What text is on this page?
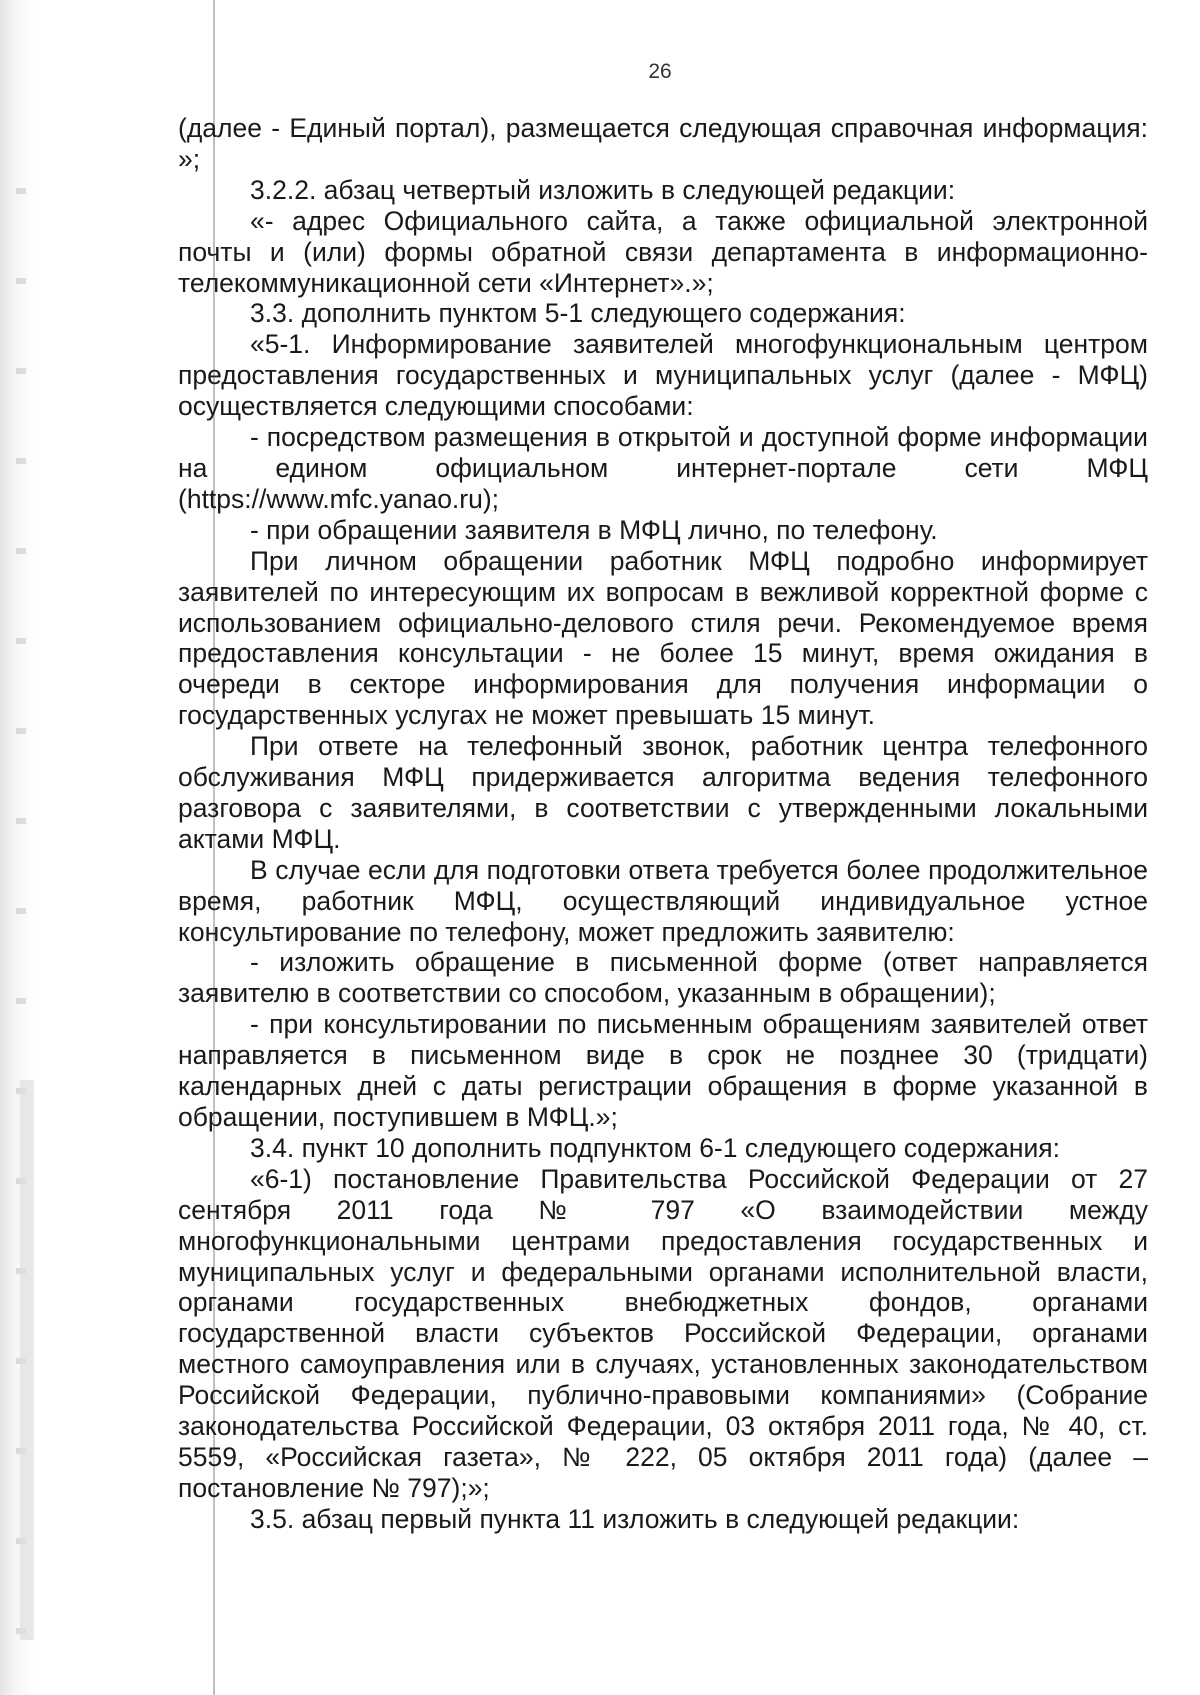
26

(далее - Единый портал), размещается следующая справочная информация: »;

3.2.2. абзац четвертый изложить в следующей редакции:

«- адрес Официального сайта, а также официальной электронной почты и (или) формы обратной связи департамента в информационно-телекоммуникационной сети «Интернет».»;

3.3. дополнить пунктом 5-1 следующего содержания:

«5-1. Информирование заявителей многофункциональным центром предоставления государственных и муниципальных услуг (далее - МФЦ) осуществляется следующими способами:

- посредством размещения в открытой и доступной форме информации на едином официальном интернет-портале сети МФЦ (https://www.mfc.yanao.ru);

- при обращении заявителя в МФЦ лично, по телефону.

При личном обращении работник МФЦ подробно информирует заявителей по интересующим их вопросам в вежливой корректной форме с использованием официально-делового стиля речи. Рекомендуемое время предоставления консультации - не более 15 минут, время ожидания в очереди в секторе информирования для получения информации о государственных услугах не может превышать 15 минут.

При ответе на телефонный звонок, работник центра телефонного обслуживания МФЦ придерживается алгоритма ведения телефонного разговора с заявителями, в соответствии с утвержденными локальными актами МФЦ.

В случае если для подготовки ответа требуется более продолжительное время, работник МФЦ, осуществляющий индивидуальное устное консультирование по телефону, может предложить заявителю:

- изложить обращение в письменной форме (ответ направляется заявителю в соответствии со способом, указанным в обращении);

- при консультировании по письменным обращениям заявителей ответ направляется в письменном виде в срок не позднее 30 (тридцати) календарных дней с даты регистрации обращения в форме указанной в обращении, поступившем в МФЦ.»;

3.4. пункт 10 дополнить подпунктом 6-1 следующего содержания:

«6-1) постановление Правительства Российской Федерации от 27 сентября 2011 года № 797 «О взаимодействии между многофункциональными центрами предоставления государственных и муниципальных услуг и федеральными органами исполнительной власти, органами государственных внебюджетных фондов, органами государственной власти субъектов Российской Федерации, органами местного самоуправления или в случаях, установленных законодательством Российской Федерации, публично-правовыми компаниями» (Собрание законодательства Российской Федерации, 03 октября 2011 года, № 40, ст. 5559, «Российская газета», № 222, 05 октября 2011 года) (далее – постановление № 797);»;

3.5. абзац первый пункта 11 изложить в следующей редакции:
